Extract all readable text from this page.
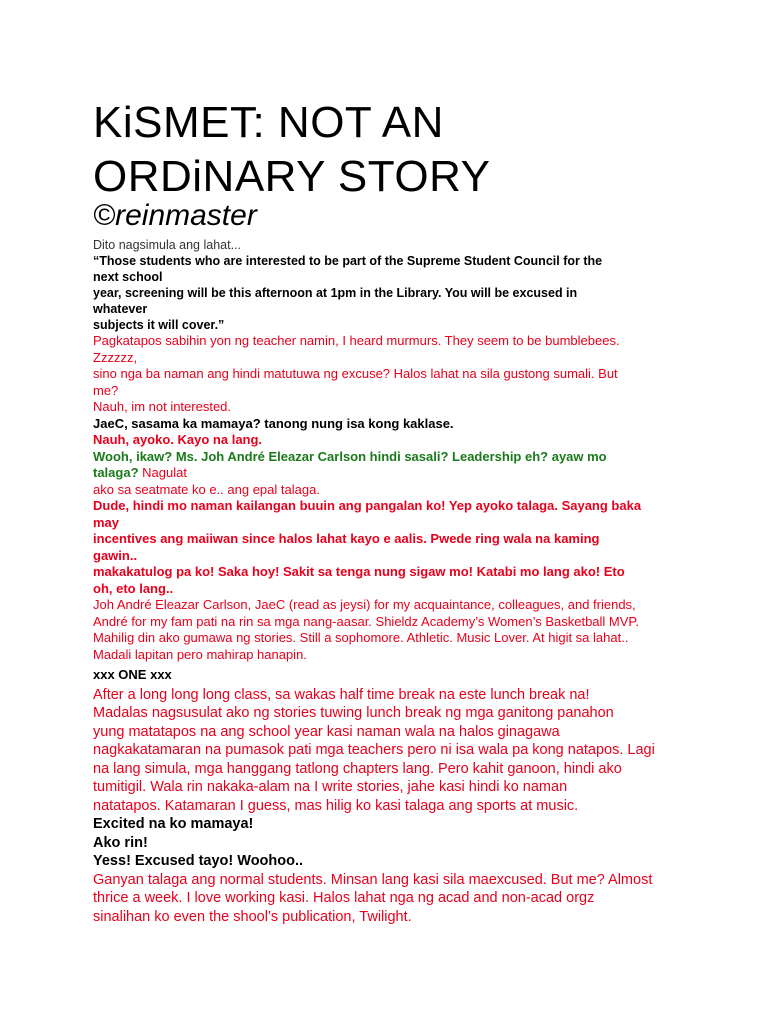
KiSMET: NOT AN
ORDiNARY STORY
©reinmaster
Dito nagsimula ang lahat...
“Those students who are interested to be part of the Supreme Student Council for the
next school
year, screening will be this afternoon at 1pm in the Library. You will be excused in
whatever
subjects it will cover.”
Pagkatapos sabihin yon ng teacher namin, I heard murmurs. They seem to be bumblebees.
Zzzzzz,
sino nga ba naman ang hindi matutuwa ng excuse? Halos lahat na sila gustong sumali. But
me?
Nauh, im not interested.
JaeC, sasama ka mamaya? tanong nung isa kong kaklase.
Nauh, ayoko. Kayo na lang.
Wooh, ikaw? Ms. Joh André Eleazar Carlson hindi sasali? Leadership eh? ayaw mo
talaga? Nagulat
ako sa seatmate ko e.. ang epal talaga.
Dude, hindi mo naman kailangan buuin ang pangalan ko! Yep ayoko talaga. Sayang baka
may
incentives ang maiiwan since halos lahat kayo e aalis. Pwede ring wala na kaming
gawin..
makakatulog pa ko! Saka hoy! Sakit sa tenga nung sigaw mo! Katabi mo lang ako! Eto
oh, eto lang..
Joh André Eleazar Carlson, JaeC (read as jeysi) for my acquaintance, colleagues, and friends,
André for my fam pati na rin sa mga nang-aasar. Shieldz Academy’s Women’s Basketball MVP.
Mahilig din ako gumawa ng stories. Still a sophomore. Athletic. Music Lover. At higit sa lahat..
Madali lapitan pero mahirap hanapin.
xxx ONE xxx
After a long long long class, sa wakas half time break na este lunch break na!
Madalas nagsusulat ako ng stories tuwing lunch break ng mga ganitong panahon
yung matatapos na ang school year kasi naman wala na halos ginagawa
nagkakatamaran na pumasok pati mga teachers pero ni isa wala pa kong natapos. Lagi
na lang simula, mga hanggang tatlong chapters lang. Pero kahit ganoon, hindi ako
tumitigil. Wala rin nakaka-alam na I write stories, jahe kasi hindi ko naman
natatapos. Katamaran I guess, mas hilig ko kasi talaga ang sports at music.
Excited na ko mamaya!
Ako rin!
Yess! Excused tayo! Woohoo..
Ganyan talaga ang normal students. Minsan lang kasi sila maexcused. But me? Almost
thrice a week. I love working kasi. Halos lahat nga ng acad and non-acad orgz
sinalihan ko even the shool’s publication, Twilight.
